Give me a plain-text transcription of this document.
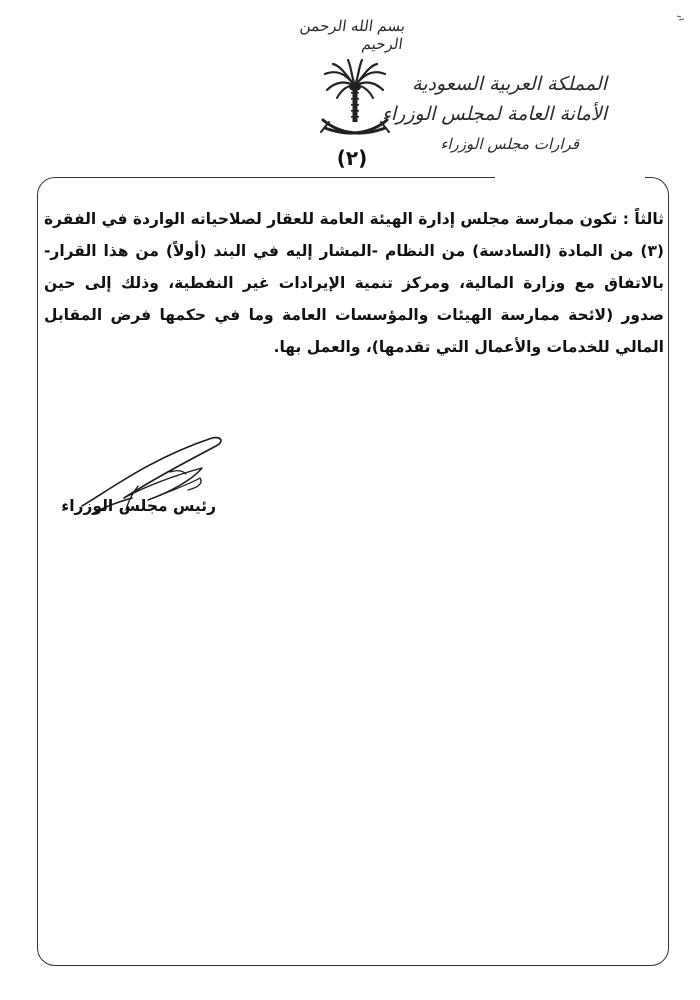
بسم الله الرحمن الرحيم
(٢)
المملكة العربية السعودية
الأمانة العامة لمجلس الوزراء
قرارات مجلس الوزراء
ثالثاً : تكون ممارسة مجلس إدارة الهيئة العامة للعقار لصلاحياته الواردة في الفقرة (٣) من المادة (السادسة) من النظام -المشار إليه في البند (أولاً) من هذا القرار- بالاتفاق مع وزارة المالية، ومركز تنمية الإيرادات غير النفطية، وذلك إلى حين صدور (لائحة ممارسة الهيئات والمؤسسات العامة وما في حكمها فرض المقابل المالي للخدمات والأعمال التي تقدمها)، والعمل بها.
رئيس مجلس الوزراء
